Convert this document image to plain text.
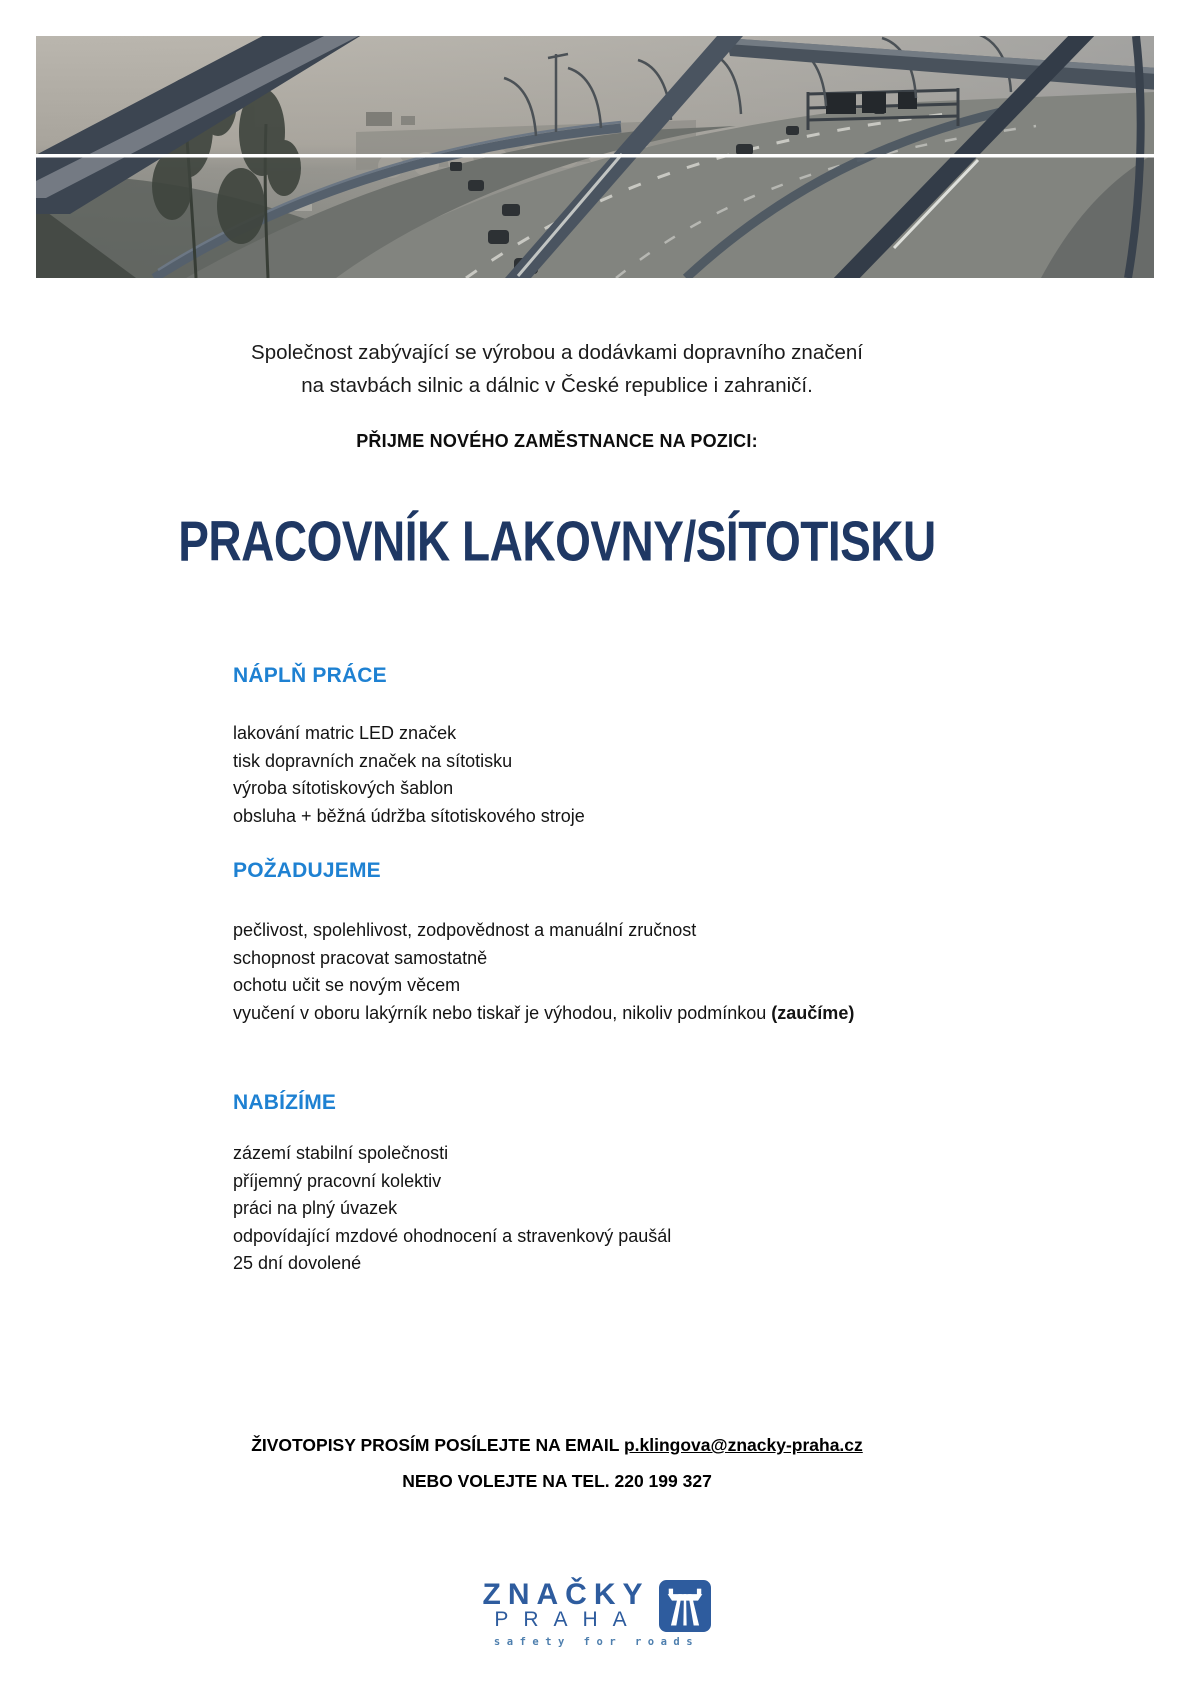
Společnost zabývající se výrobou a dodávkami dopravního značení
na stavbách silnic a dálnic v České republice i zahraničí.
PŘIJME NOVÉHO ZAMĚSTNANCE NA POZICI:
PRACOVNÍK LAKOVNY/SÍTOTISKU
NÁPLŇ PRÁCE
lakování matric LED značek
tisk dopravních značek na sítotisku
výroba sítotiskových šablon
obsluha + běžná údržba sítotiskového stroje
POŽADUJEME
pečlivost, spolehlivost, zodpovědnost a manuální zručnost
schopnost pracovat samostatně
ochotu učit se novým věcem
vyučení v oboru lakýrník nebo tiskař je výhodou, nikoliv podmínkou (zaučíme)
NABÍZÍME
zázemí stabilní společnosti
příjemný pracovní kolektiv
práci na plný úvazek
odpovídající mzdové ohodnocení a stravenkový paušál
25 dní dovolené
ŽIVOTOPISY PROSÍM POSÍLEJTE NA EMAIL p.klingova@znacky-praha.cz
NEBO VOLEJTE NA TEL. 220 199 327
ZNAČKY
PRAHA
safety for roads
